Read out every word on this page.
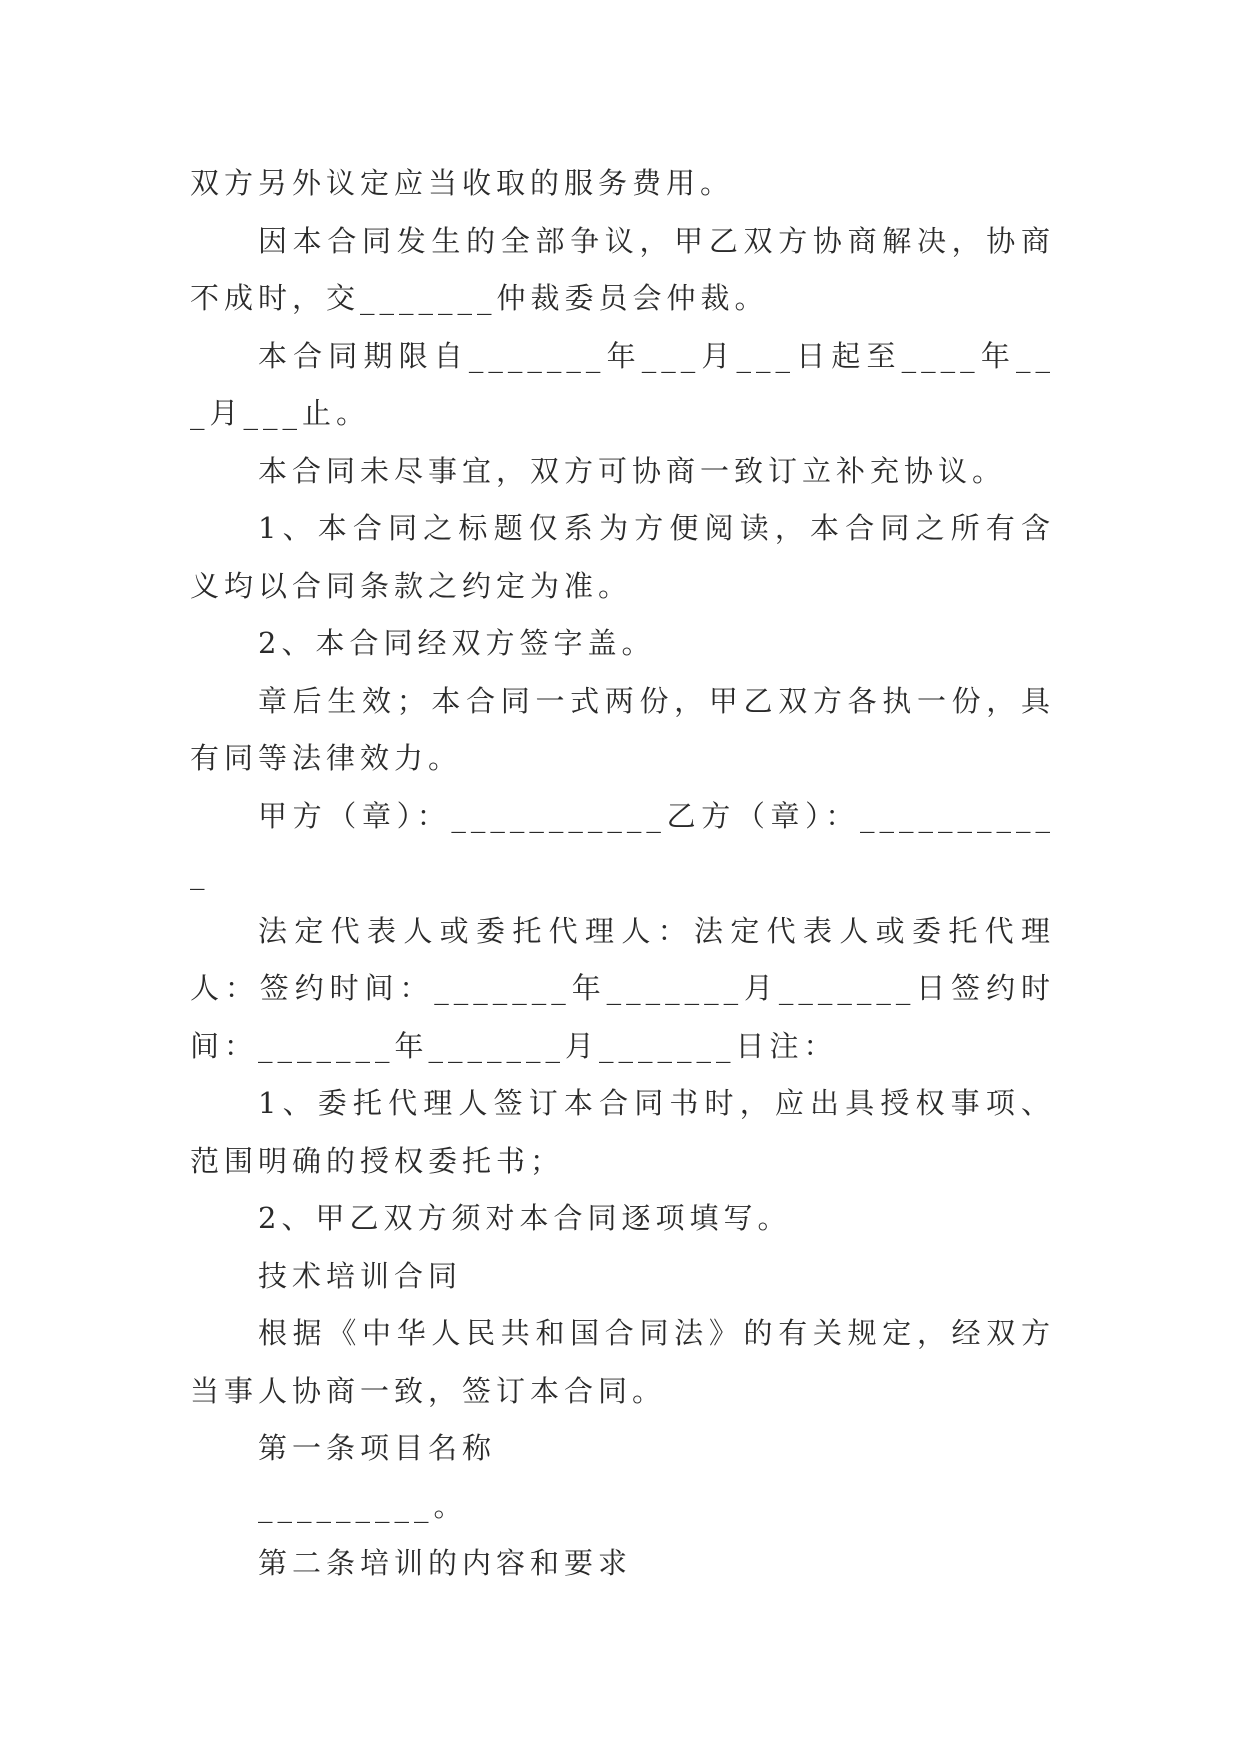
双方另外议定应当收取的服务费用。

因本合同发生的全部争议，甲乙双方协商解决，协商不成时，交_______仲裁委员会仲裁。

本合同期限自_______年___月___日起至____年___月___止。

本合同未尽事宜，双方可协商一致订立补充协议。

1、本合同之标题仅系为方便阅读，本合同之所有含义均以合同条款之约定为准。

2、本合同经双方签字盖。

章后生效；本合同一式两份，甲乙双方各执一份，具有同等法律效力。

甲方（章）：___________乙方（章）：___________

法定代表人或委托代理人：法定代表人或委托代理人：签约时间：_______年_______月_______日签约时间：_______年_______月_______日注：

1、委托代理人签订本合同书时，应出具授权事项、范围明确的授权委托书；

2、甲乙双方须对本合同逐项填写。

技术培训合同

根据《中华人民共和国合同法》的有关规定，经双方当事人协商一致，签订本合同。

第一条项目名称

_________。

第二条培训的内容和要求
